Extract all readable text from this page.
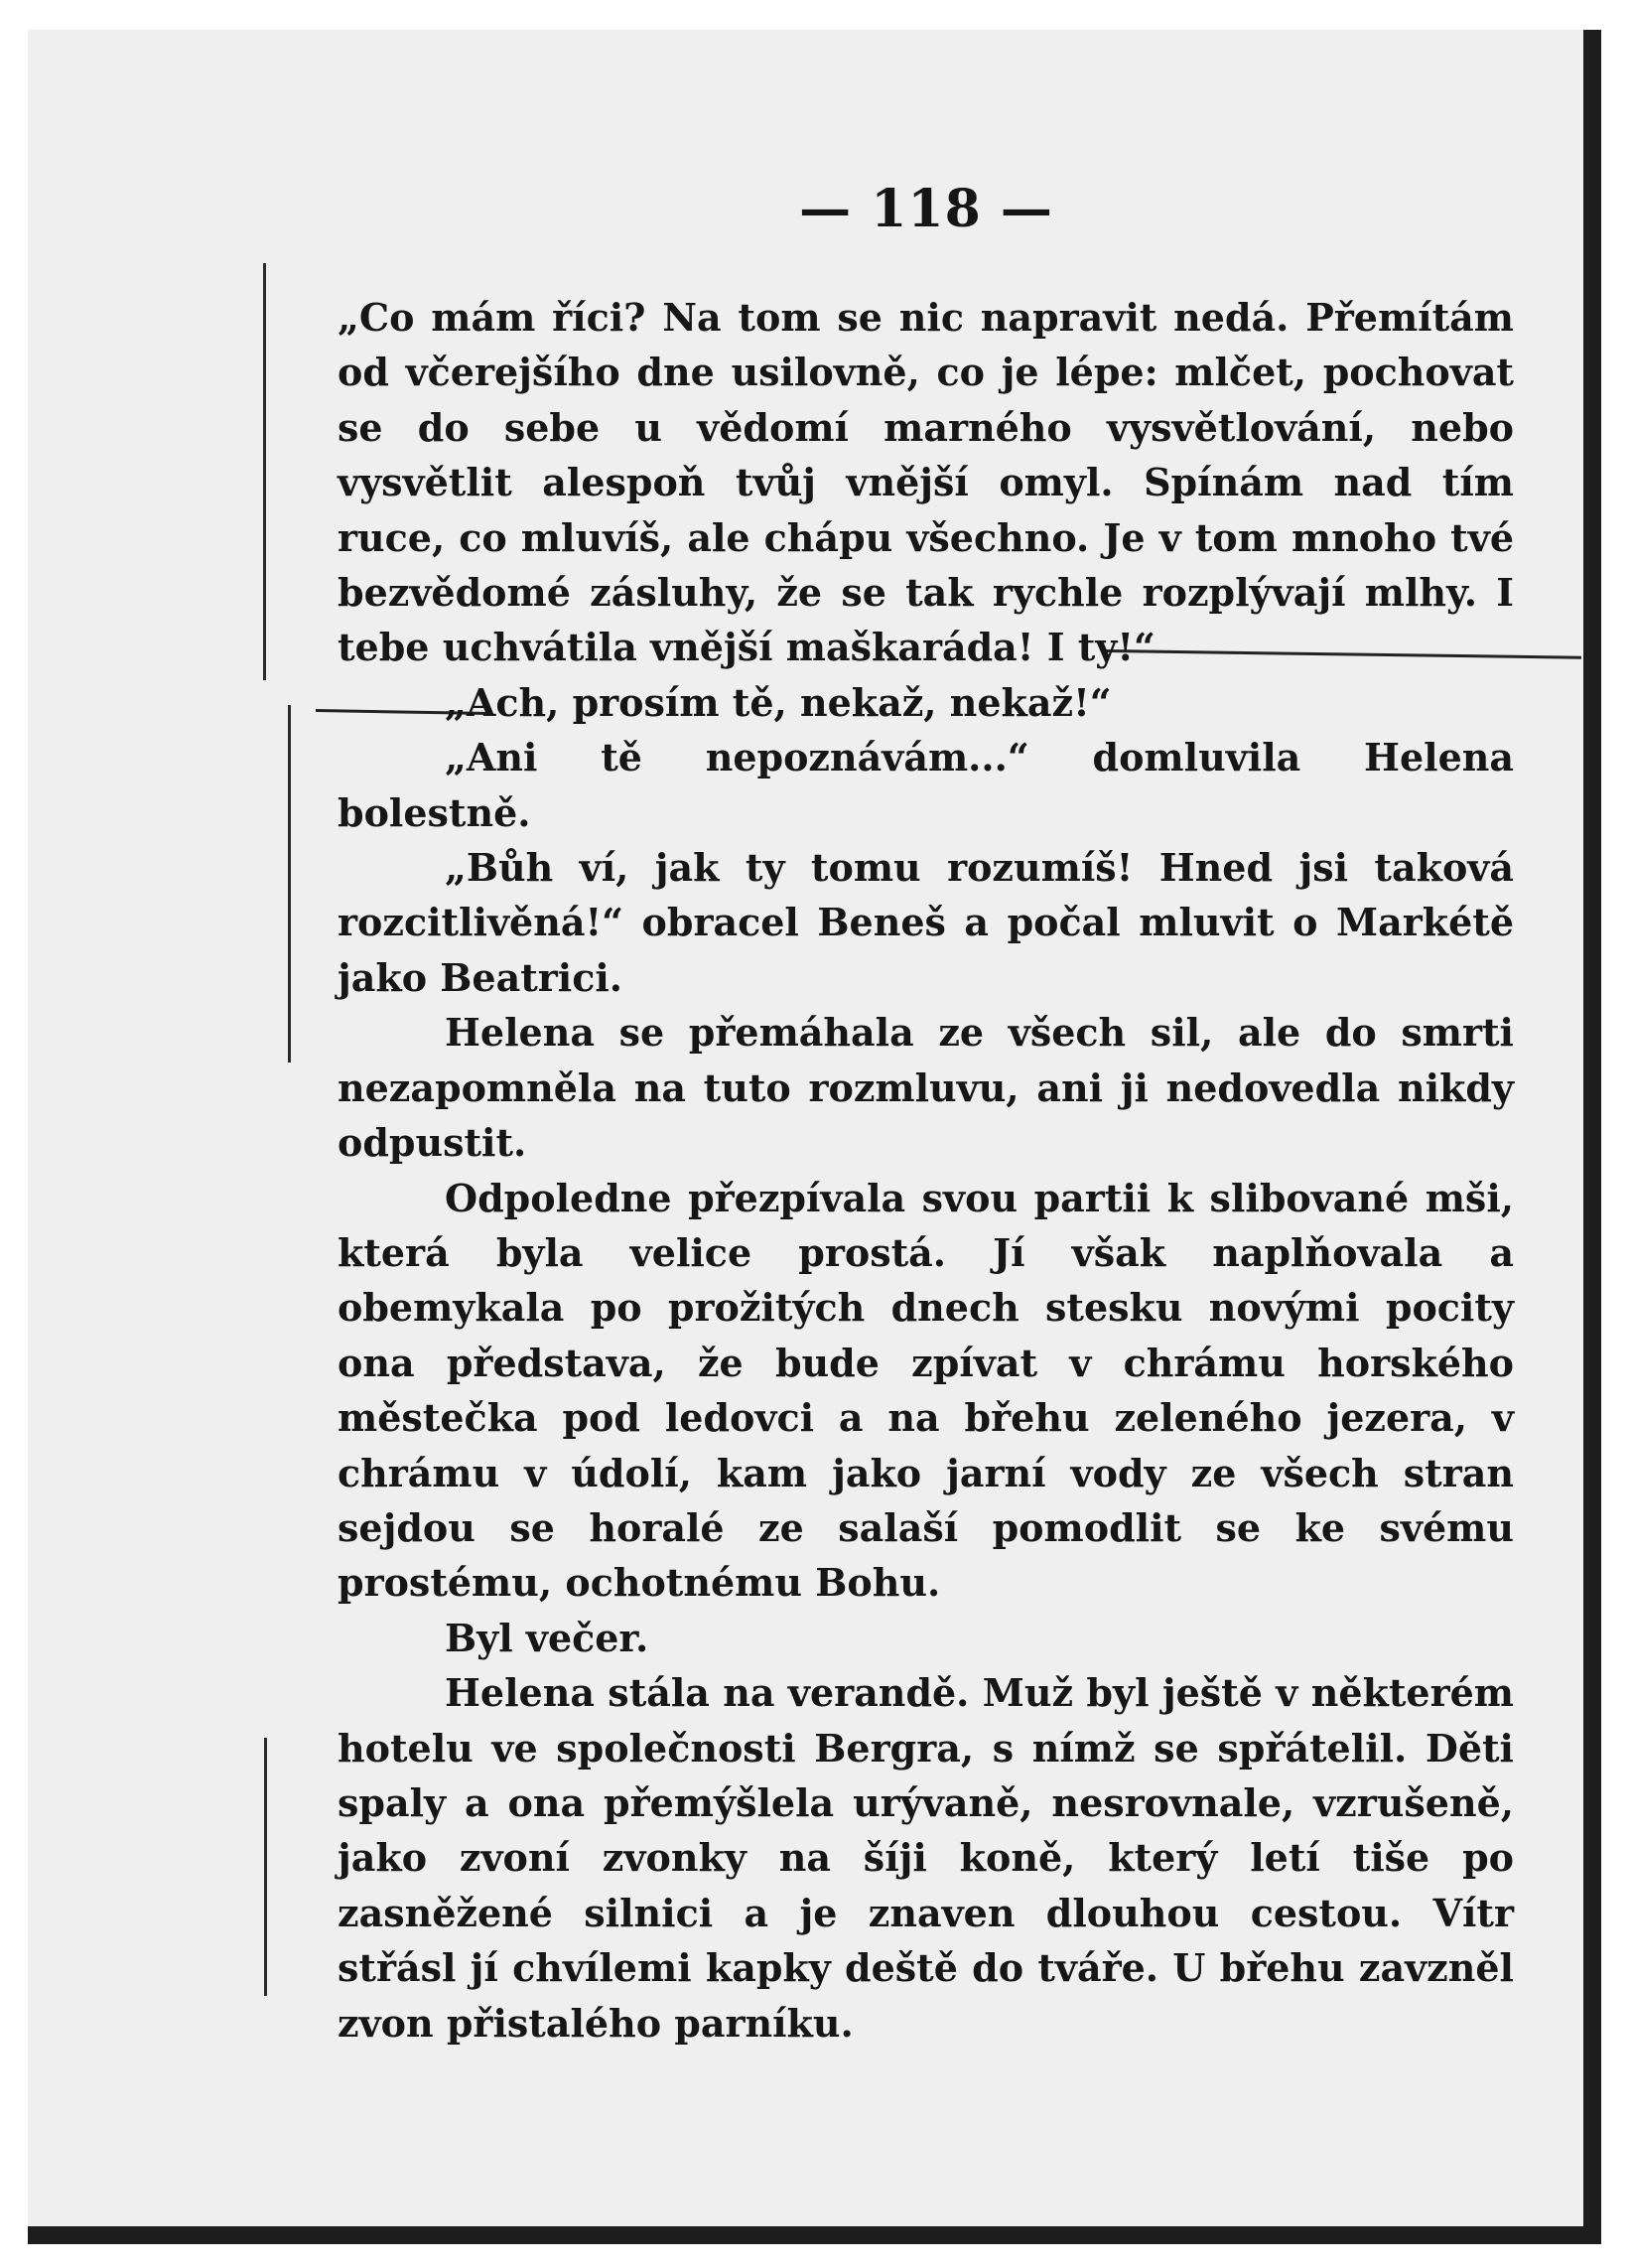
— 118 —

„Co mám říci? Na tom se nic napravit nedá. Přemítám od včerejšího dne usilovně, co je lépe: mlčet, pochovat se do sebe u vědomí marného vysvětlování, nebo vysvětlit alespoň tvůj vnější omyl. Spínám nad tím ruce, co mluvíš, ale chápu všechno. Je v tom mnoho tvé bezvědomé zásluhy, že se tak rychle rozplývají mlhy. I tebe uchvátila vnější maškaráda! I ty!“

„Ach, prosím tě, nekaž, nekaž!“

„Ani tě nepoznávám...“ domluvila Helena bolestně.

„Bůh ví, jak ty tomu rozumíš! Hned jsi taková rozcitlivěná!“ obracel Beneš a počal mluvit o Markétě jako Beatrici.

Helena se přemáhala ze všech sil, ale do smrti nezapomněla na tuto rozmluvu, ani ji nedovedla nikdy odpustit.

Odpoledne přezpívala svou partii k slibované mši, která byla velice prostá. Jí však naplňovala a obemykala po prožitých dnech stesku novými pocity ona představa, že bude zpívat v chrámu horského městečka pod ledovci a na břehu zeleného jezera, v chrámu v údolí, kam jako jarní vody ze všech stran sejdou se horalé ze salaší pomodlit se ke svému prostému, ochotnému Bohu.

Byl večer.

Helena stála na verandě. Muž byl ještě v některém hotelu ve společnosti Bergra, s nímž se spřátelil. Děti spaly a ona přemýšlela urývaně, nesrovnale, vzrušeně, jako zvoní zvonky na šíji koně, který letí tiše po zasněžené silnici a je znaven dlouhou cestou. Vítr střásl jí chvílemi kapky deště do tváře. U břehu zavzněl zvon přistalého parníku.
